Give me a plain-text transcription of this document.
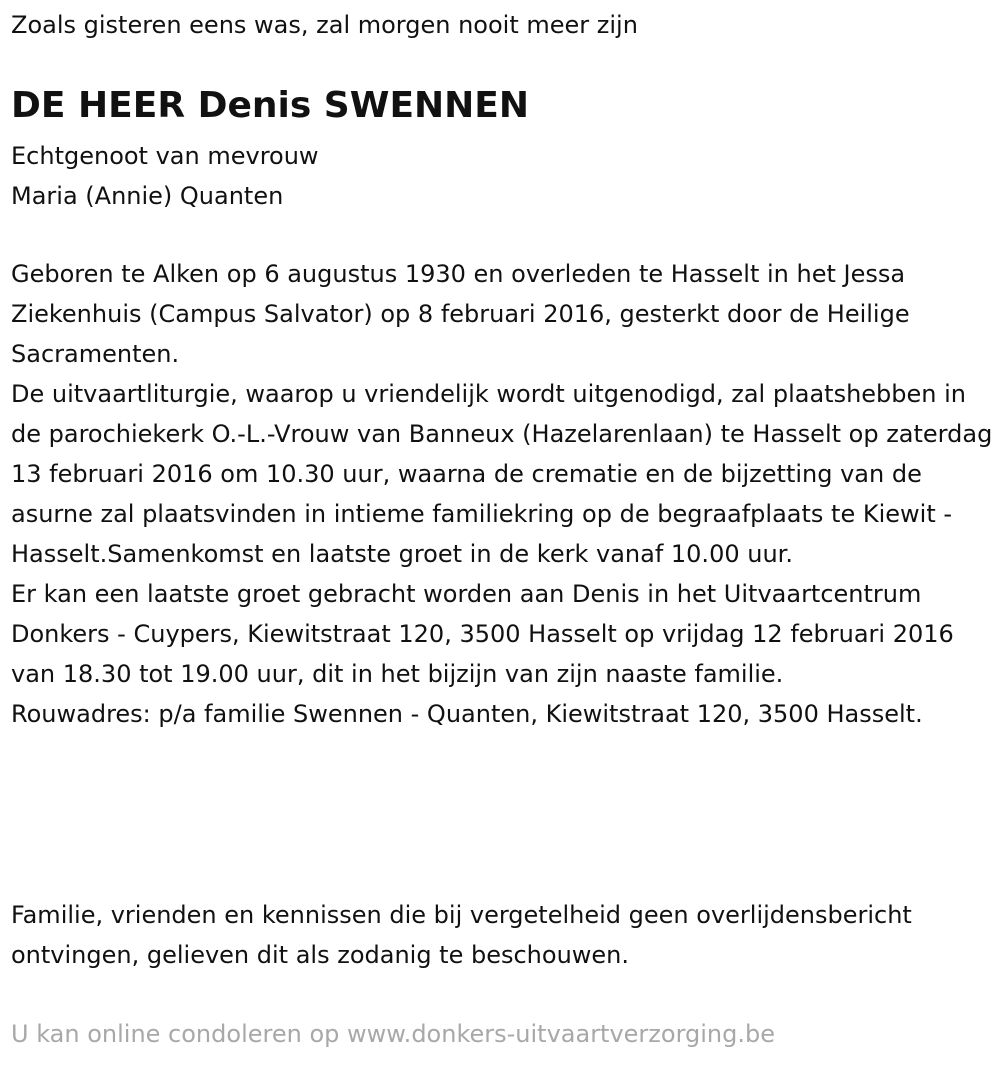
Zoals gisteren eens was, zal morgen nooit meer zijn
DE HEER Denis SWENNEN
Echtgenoot van mevrouw
Maria (Annie) Quanten

Geboren te Alken op 6 augustus 1930 en overleden te Hasselt in het Jessa Ziekenhuis (Campus Salvator) op 8 februari 2016, gesterkt door de Heilige Sacramenten.

De uitvaartliturgie, waarop u vriendelijk wordt uitgenodigd, zal plaatshebben in de parochiekerk O.-L.-Vrouw van Banneux (Hazelarenlaan) te Hasselt op zaterdag 13 februari 2016 om 10.30 uur, waarna de crematie en de bijzetting van de asurne zal plaatsvinden in intieme familiekring op de begraafplaats te Kiewit - Hasselt.Samenkomst en laatste groet in de kerk vanaf 10.00 uur.

Er kan een laatste groet gebracht worden aan Denis in het Uitvaartcentrum Donkers - Cuypers, Kiewitstraat 120, 3500 Hasselt op vrijdag 12 februari 2016 van 18.30 tot 19.00 uur, dit in het bijzijn van zijn naaste familie.

Rouwadres: p/a familie Swennen - Quanten, Kiewitstraat 120, 3500 Hasselt.

Familie, vrienden en kennissen die bij vergetelheid geen overlijdensbericht ontvingen, gelieven dit als zodanig te beschouwen.

U kan online condoleren op www.donkers-uitvaartverzorging.be
